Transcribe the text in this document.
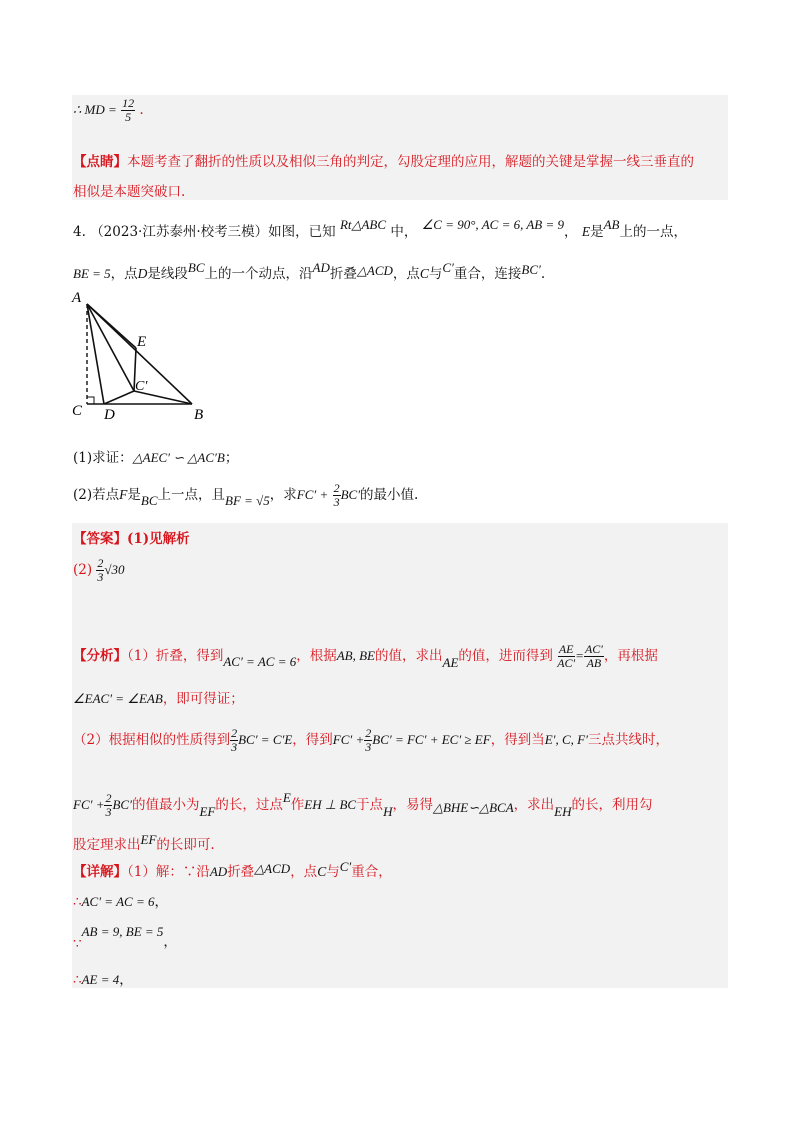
∴ MD = $\frac{12}{5}$ .
【点睛】本题考查了翻折的性质以及相似三角的判定，勾股定理的应用，解题的关键是掌握一线三垂直的
相似是本题突破口.
4. （2023·江苏泰州·校考三模）如图，已知 Rt△ABC 中， ∠C = 90°, AC = 6, AB = 9， E是AB上的一点，
BE = 5，点D是线段BC上的一个动点，沿AD折叠△ACD，点C与C′重合，连接BC′.
A
E
C′
C D	B
(1)求证：△AEC′ ∽ △AC′B；
(2)若点F是BC上一点，且BF = √5，求$FC' + \frac{2}{3} BC'$的最小值.
【答案】(1)见解析
$(2) \frac{2}{3} √30$
【分析】（1）折叠，得到AC′ = AC = 6，根据AB, BE的值，求出AE的值，进而得到 $\frac{AE}{AC'} = \frac{AC'}{AB}$ ，再根据
∠EAC′ = ∠EAB，即可得证；
（2）根据相似的性质得到 $\frac{2}{3} BC' = C'E$，得到$FC' + \frac{2}{3} BC' = FC' + EC'$ ≥ EF，得到当E′, C, F′三点共线时，
$FC' + \frac{2}{3} BC'$的值最小为EF的长，过点E作EH ⊥ BC于点H，易得△BHE∽△BCA，求出EH的长，利用勾
股定理求出EF的长即可.
【详解】（1）解：∵沿AD折叠△ACD，点C与C′重合，
∴AC′ = AC = 6，
∵AB = 9, BE = 5，
∴AE = 4，
